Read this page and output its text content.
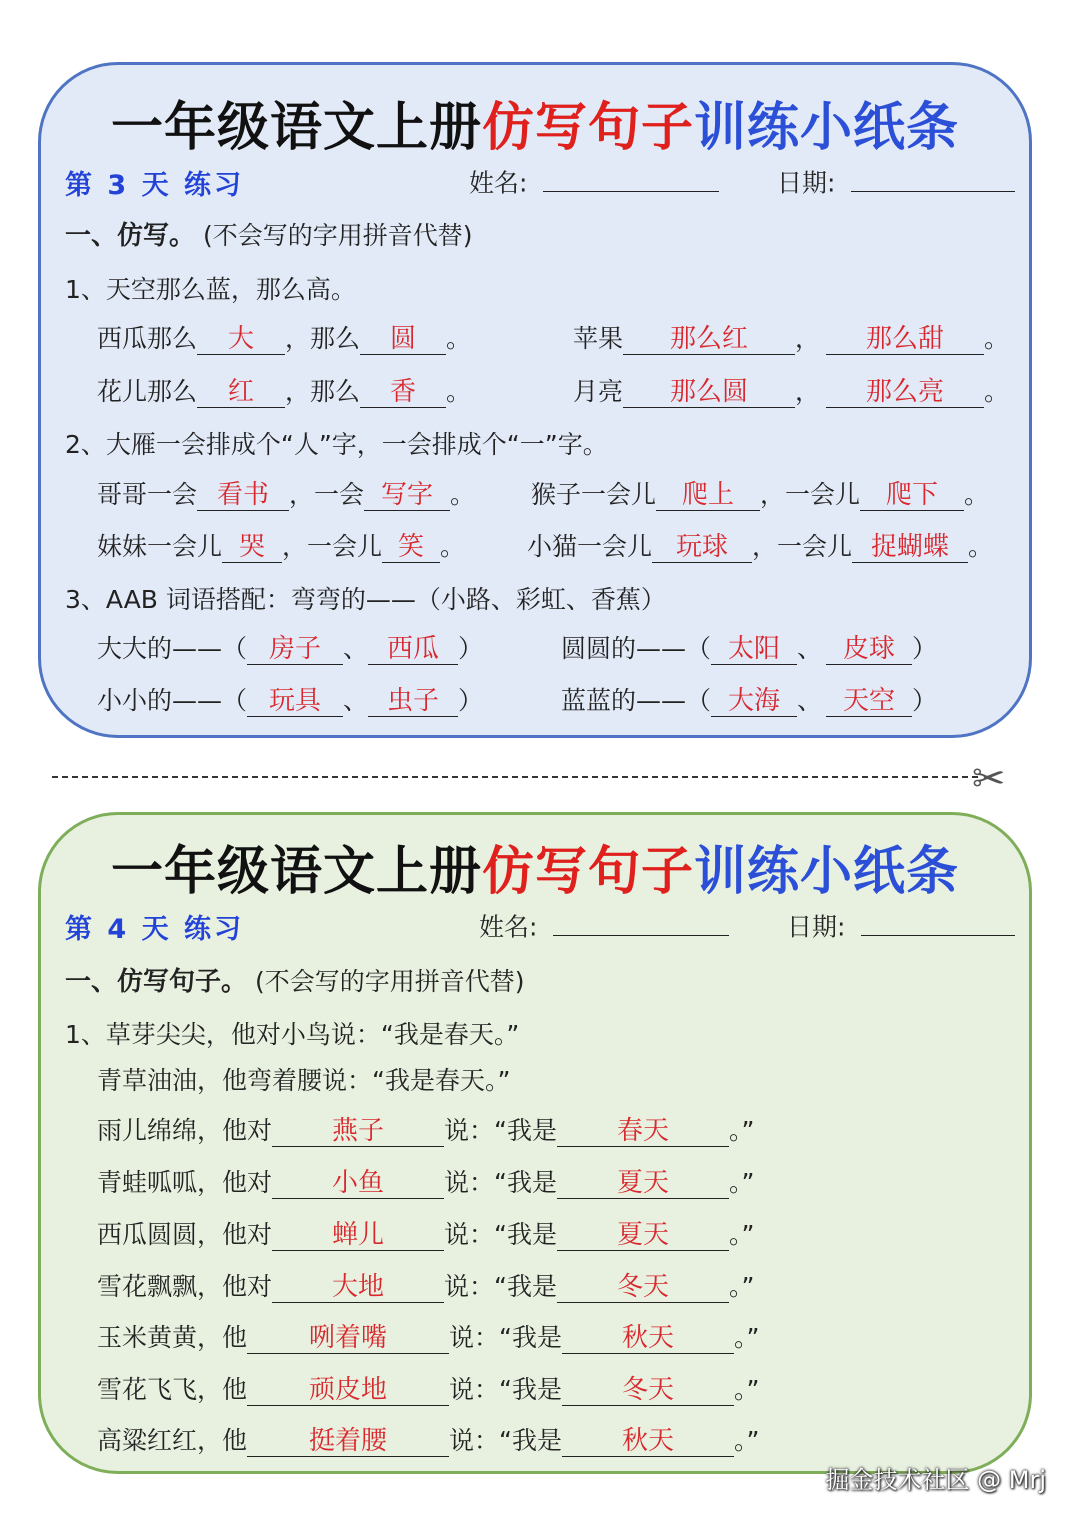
一年级语文上册仿写句子训练小纸条
第 3 天 练习	姓名:	日期:
一、仿写。 (不会写的字用拼音代替)
1、天空那么蓝，那么高。
西瓜那么 大 ，那么 圆 。	苹果 那么红 ， 那么甜 。
花儿那么 红 ，那么 香 。	月亮 那么圆 ， 那么亮 。
2、大雁一会排成个“人”字，一会排成个“一”字。
哥哥一会 看书 ，一会 写字 。 猴子一会儿 爬上 ，一会儿 爬下 。
妹妹一会儿 哭 ，一会儿 笑 。 小猫一会儿 玩球 ，一会儿 捉蝴蝶 。
3、AAB 词语搭配：弯弯的——（小路、彩虹、香蕉）
大大的——（ 房子 、 西瓜 ）	圆圆的——（ 太阳 、 皮球 ）
小小的——（ 玩具 、 虫子 ）	蓝蓝的——（ 大海 、 天空 ）
✂
一年级语文上册仿写句子训练小纸条
第 4 天 练习	姓名:	日期:
一、仿写句子。 (不会写的字用拼音代替)
1、草芽尖尖，他对小鸟说：“我是春天。”
青草油油，他弯着腰说：“我是春天。”
雨儿绵绵，他对 燕子 说：“我是 春天 。”
青蛙呱呱，他对 小鱼 说：“我是 夏天 。”
西瓜圆圆，他对 蝉儿 说：“我是 夏天 。”
雪花飘飘，他对 大地 说：“我是 冬天 。”
玉米黄黄，他 咧着嘴 说：“我是 秋天 。”
雪花飞飞，他 顽皮地 说：“我是 冬天 。”
高粱红红，他 挺着腰 说：“我是 秋天 。”
掘金技术社区 @ Mrj
